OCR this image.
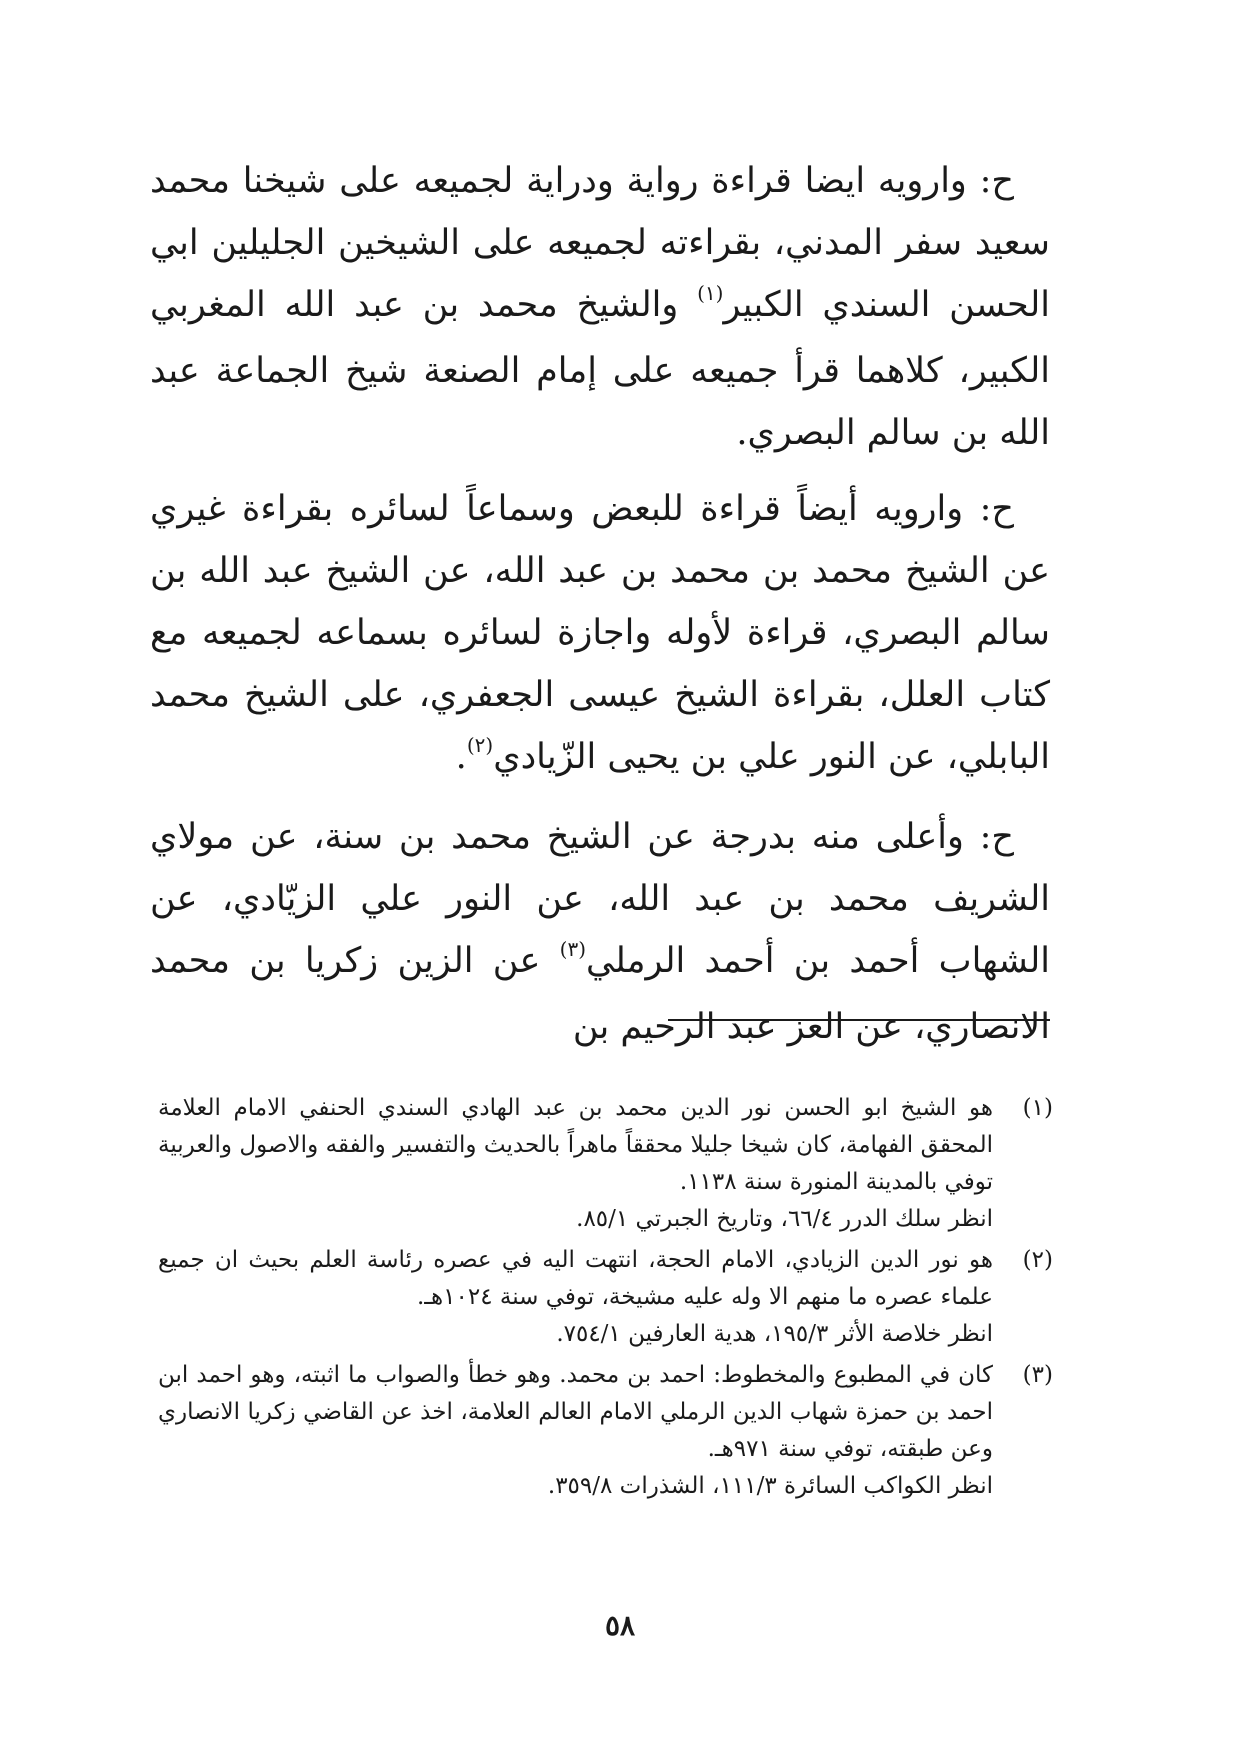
ح: وارويه ايضا قراءة رواية ودراية لجميعه على شيخنا محمد سعيد سفر المدني، بقراءته لجميعه على الشيخين الجليلين ابي الحسن السندي الكبير$^{(١)}$ والشيخ محمد بن عبد الله المغربي الكبير، كلاهما قرأ جميعه على إمام الصنعة شيخ الجماعة عبد الله بن سالم البصري.

ح: وارويه أيضاً قراءة للبعض وسماعاً لسائره بقراءة غيري عن الشيخ محمد بن محمد بن عبد الله، عن الشيخ عبد الله بن سالم البصري، قراءة لأوله واجازة لسائره بسماعه لجميعه مع كتاب العلل، بقراءة الشيخ عيسى الجعفري، على الشيخ محمد البابلي، عن النور علي بن يحيى الزّيادي$^{(٢)}$.

ح: وأعلى منه بدرجة عن الشيخ محمد بن سنة، عن مولاي الشريف محمد بن عبد الله، عن النور علي الزيّادي، عن الشهاب أحمد بن أحمد الرملي$^{(٣)}$ عن الزين زكريا بن محمد الانصاري، عن العز عبد الرحيم بن

(١)
هو الشيخ ابو الحسن نور الدين محمد بن عبد الهادي السندي الحنفي الامام العلامة المحقق الفهامة، كان شيخا جليلا محققاً ماهراً بالحديث والتفسير والفقه والاصول والعربية توفي بالمدينة المنورة سنة ١١٣٨.
انظر سلك الدرر ٦٦/٤، وتاريخ الجبرتي ٨٥/١.
(٢)
هو نور الدين الزيادي، الامام الحجة، انتهت اليه في عصره رئاسة العلم بحيث ان جميع علماء عصره ما منهم الا وله عليه مشيخة، توفي سنة ١٠٢٤هـ.
انظر خلاصة الأثر ١٩٥/٣، هدية العارفين ٧٥٤/١.
(٣)
كان في المطبوع والمخطوط: احمد بن محمد. وهو خطأ والصواب ما اثبته، وهو احمد ابن احمد بن حمزة شهاب الدين الرملي الامام العالم العلامة، اخذ عن القاضي زكريا الانصاري وعن طبقته، توفي سنة ٩٧١هـ.
انظر الكواكب السائرة ١١١/٣، الشذرات ٣٥٩/٨.
٥٨
